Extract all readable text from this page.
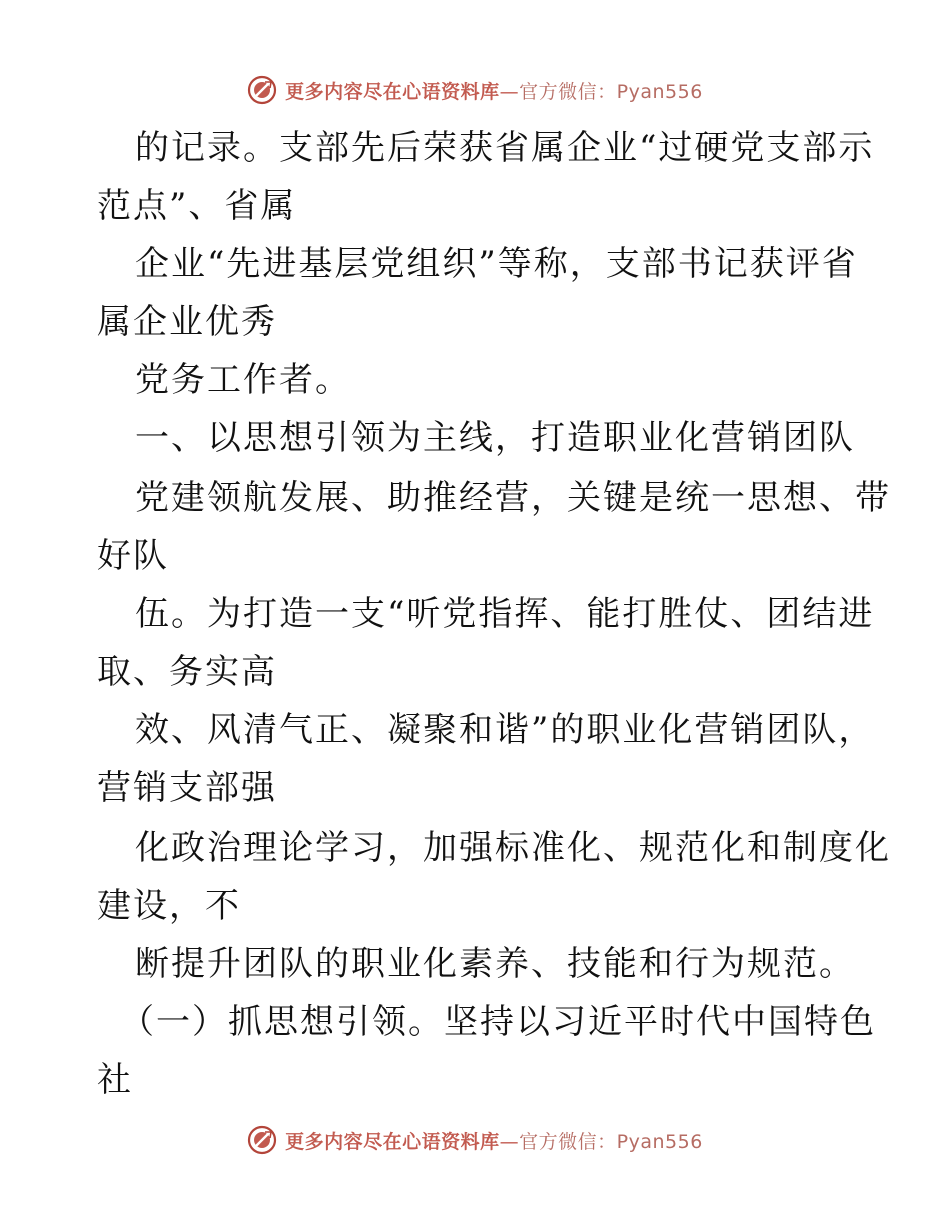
更多内容尽在心语资料库—官方微信：Pyan556
的记录。支部先后荣获省属企业“过硬党支部示
范点”、省属
企业“先进基层党组织”等称，支部书记获评省
属企业优秀
党务工作者。
一、以思想引领为主线，打造职业化营销团队
党建领航发展、助推经营，关键是统一思想、带
好队
伍。为打造一支“听党指挥、能打胜仗、团结进
取、务实高
效、风清气正、凝聚和谐”的职业化营销团队，
营销支部强
化政治理论学习，加强标准化、规范化和制度化
建设，不
断提升团队的职业化素养、技能和行为规范。
（一）抓思想引领。坚持以习近平时代中国特色
社
更多内容尽在心语资料库—官方微信：Pyan556
